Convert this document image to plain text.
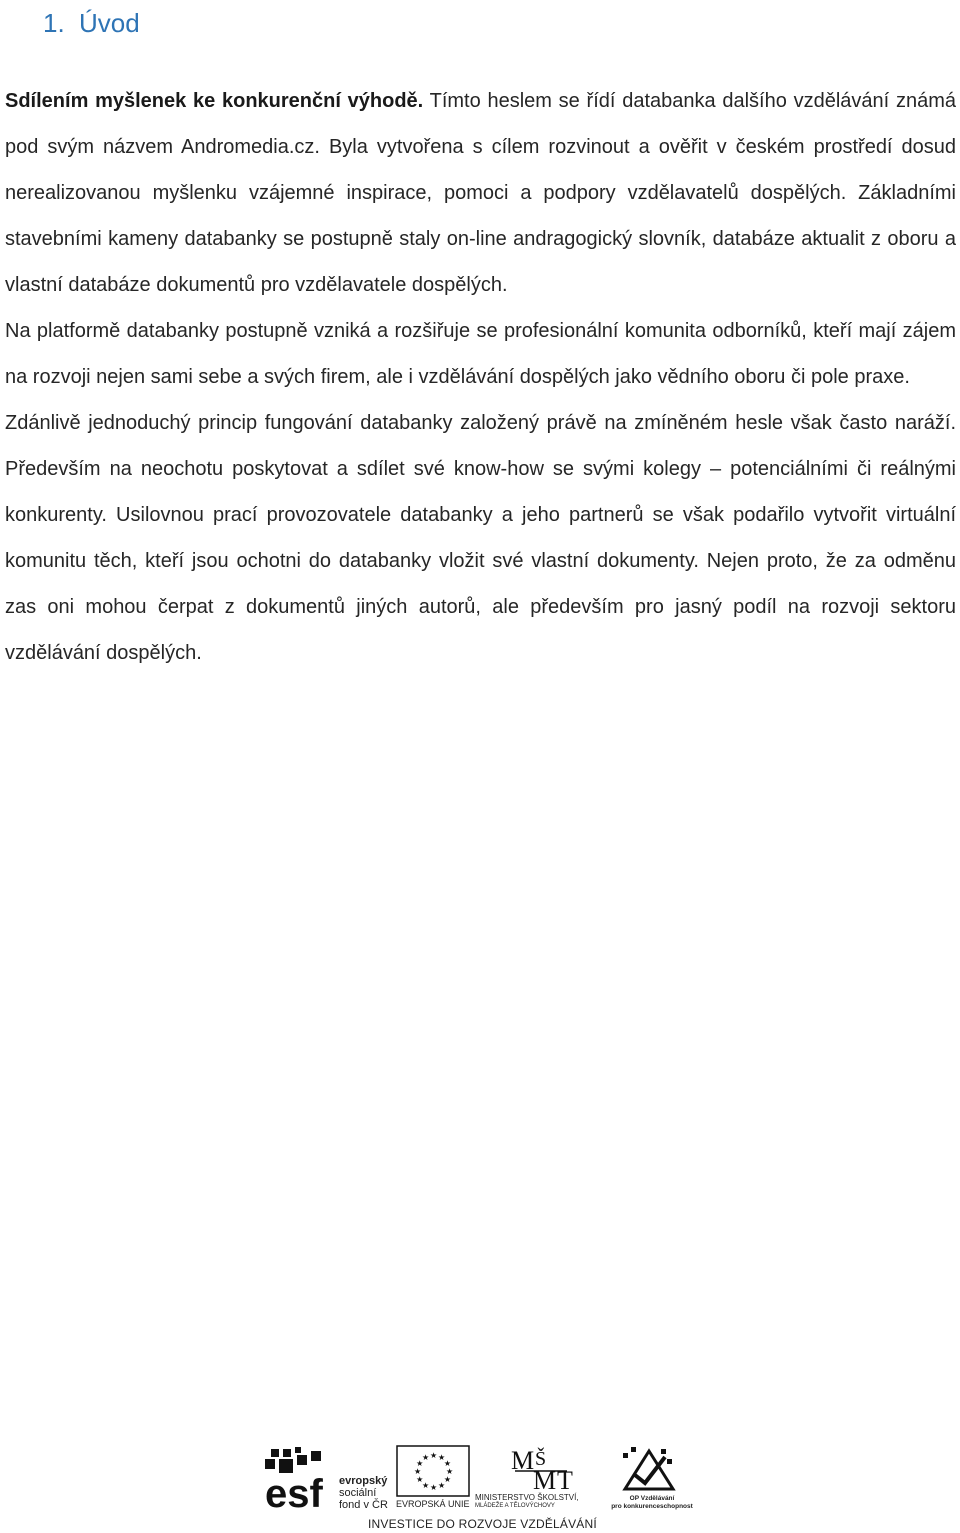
1. Úvod

Sdílením myšlenek ke konkurenční výhodě. Tímto heslem se řídí databanka dalšího vzdělávání známá pod svým názvem Andromedia.cz. Byla vytvořena s cílem rozvinout a ověřit v českém prostředí dosud nerealizovanou myšlenku vzájemné inspirace, pomoci a podpory vzdělavatelů dospělých. Základními stavebními kameny databanky se postupně staly on-line andragogický slovník, databáze aktualit z oboru a vlastní databáze dokumentů pro vzdělavatele dospělých.

Na platformě databanky postupně vzniká a rozšiřuje se profesionální komunita odborníků, kteří mají zájem na rozvoji nejen sami sebe a svých firem, ale i vzdělávání dospělých jako vědního oboru či pole praxe.

Zdánlivě jednoduchý princip fungování databanky založený právě na zmíněném hesle však často naráží. Především na neochotu poskytovat a sdílet své know-how se svými kolegy – potenciálními či reálnými konkurenty. Usilovnou prací provozovatele databanky a jeho partnerů se však podařilo vytvořit virtuální komunitu těch, kteří jsou ochotni do databanky vložit své vlastní dokumenty. Nejen proto, že za odměnu zas oni mohou čerpat z dokumentů jiných autorů, ale především pro jasný podíl na rozvoji sektoru vzdělávání dospělých.

esf evropský
sociální
fond v ČR
★ ★
★
★
★
★
★
★
★
★
★
★
EVROPSKÁ UNIE
M
M T
Š
MINISTERSTVO ŠKOLSTVÍ,
MLÁDEŽE A TĚLOVÝCHOVY
OP Vzdělávání
pro konkurenceschopnost
INVESTICE DO ROZVOJE VZDĚLÁVÁNÍ
